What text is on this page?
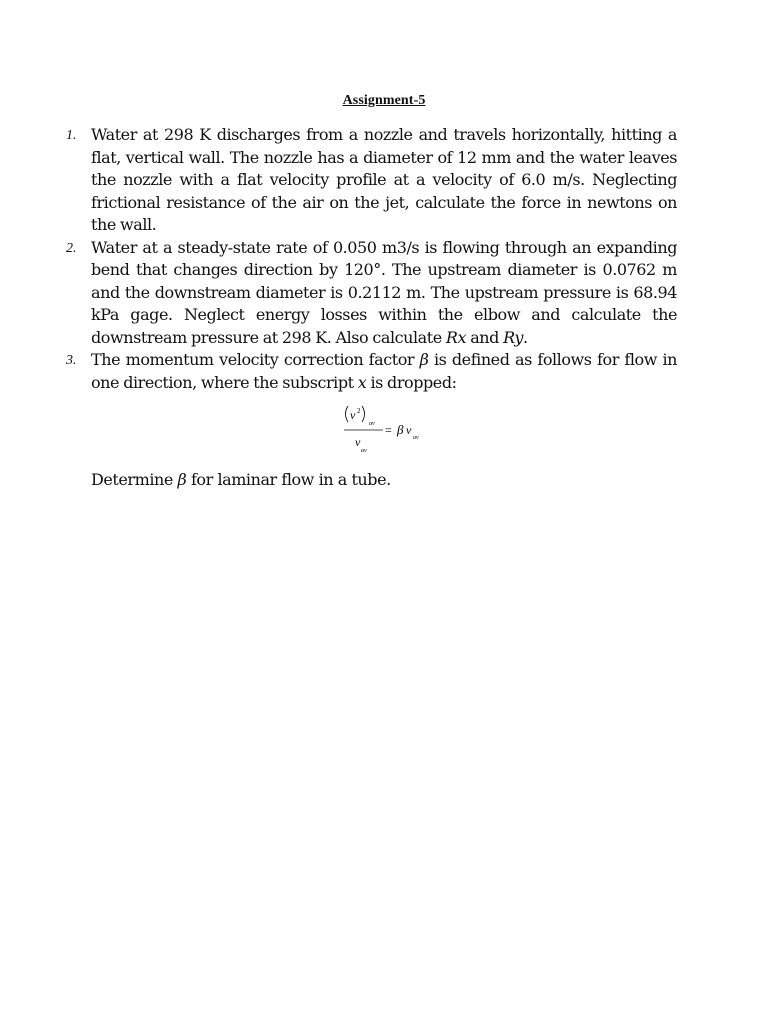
Assignment-5
1. Water at 298 K discharges from a nozzle and travels horizontally, hitting a flat, vertical wall. The nozzle has a diameter of 12 mm and the water leaves the nozzle with a flat velocity profile at a velocity of 6.0 m/s. Neglecting frictional resistance of the air on the jet, calculate the force in newtons on the wall.
2. Water at a steady-state rate of 0.050 m3/s is flowing through an expanding bend that changes direction by 120°. The upstream diameter is 0.0762 m and the downstream diameter is 0.2112 m. The upstream pressure is 68.94 kPa gage. Neglect energy losses within the elbow and calculate the downstream pressure at 298 K. Also calculate Rx and Ry.
3. The momentum velocity correction factor β is defined as follows for flow in one direction, where the subscript x is dropped:
v 2
av
v
av
= β v
av
Determine β for laminar flow in a tube.
